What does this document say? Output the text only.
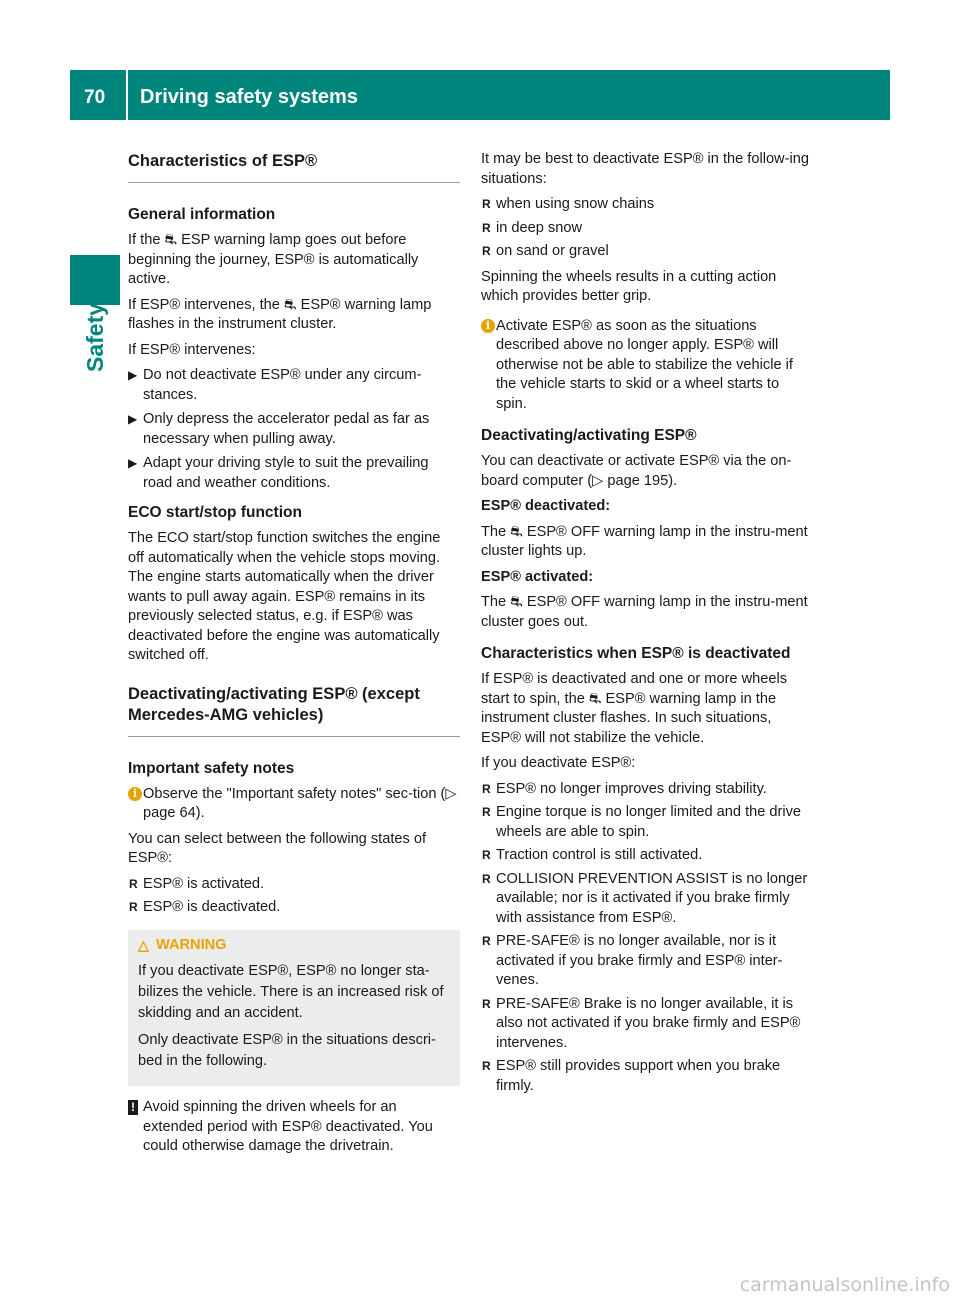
70 Driving safety systems
Safety
Characteristics of ESP®
General information

If the ⛐ ESP warning lamp goes out before beginning the journey, ESP® is automatically active.

If ESP® intervenes, the ⛐ ESP® warning lamp flashes in the instrument cluster.

If ESP® intervenes:

▶ Do not deactivate ESP® under any circum-stances.
▶ Only depress the accelerator pedal as far as necessary when pulling away.
▶ Adapt your driving style to suit the prevailing road and weather conditions.
ECO start/stop function

The ECO start/stop function switches the engine off automatically when the vehicle stops moving. The engine starts automatically when the driver wants to pull away again. ESP® remains in its previously selected status, e.g. if ESP® was deactivated before the engine was automatically switched off.

Deactivating/activating ESP® (except
Mercedes-AMG vehicles)
Important safety notes
i Observe the "Important safety notes" sec-tion (▷ page 64).

You can select between the following states of ESP®:

R ESP® is activated.
R ESP® is deactivated.
△ WARNING

If you deactivate ESP®, ESP® no longer sta-bilizes the vehicle. There is an increased risk of skidding and an accident.

Only deactivate ESP® in the situations descri-bed in the following.

! Avoid spinning the driven wheels for an extended period with ESP® deactivated. You could otherwise damage the drivetrain.

It may be best to deactivate ESP® in the follow-ing situations:

R when using snow chains
R in deep snow
R on sand or gravel

Spinning the wheels results in a cutting action which provides better grip.

i Activate ESP® as soon as the situations described above no longer apply. ESP® will otherwise not be able to stabilize the vehicle if the vehicle starts to skid or a wheel starts to spin.
Deactivating/activating ESP®

You can deactivate or activate ESP® via the on-board computer (▷ page 195).

ESP® deactivated:

The ⛐ ESP® OFF warning lamp in the instru-ment cluster lights up.

ESP® activated:

The ⛐ ESP® OFF warning lamp in the instru-ment cluster goes out.

Characteristics when ESP® is deactivated

If ESP® is deactivated and one or more wheels start to spin, the ⛐ ESP® warning lamp in the instrument cluster flashes. In such situations, ESP® will not stabilize the vehicle.

If you deactivate ESP®:

R ESP® no longer improves driving stability.
R Engine torque is no longer limited and the drive wheels are able to spin.
R Traction control is still activated.
R COLLISION PREVENTION ASSIST is no longer available; nor is it activated if you brake firmly with assistance from ESP®.
R PRE-SAFE® is no longer available, nor is it activated if you brake firmly and ESP® inter-venes.
R PRE-SAFE® Brake is no longer available, it is also not activated if you brake firmly and ESP® intervenes.
R ESP® still provides support when you brake firmly.
carmanualsonline.info
